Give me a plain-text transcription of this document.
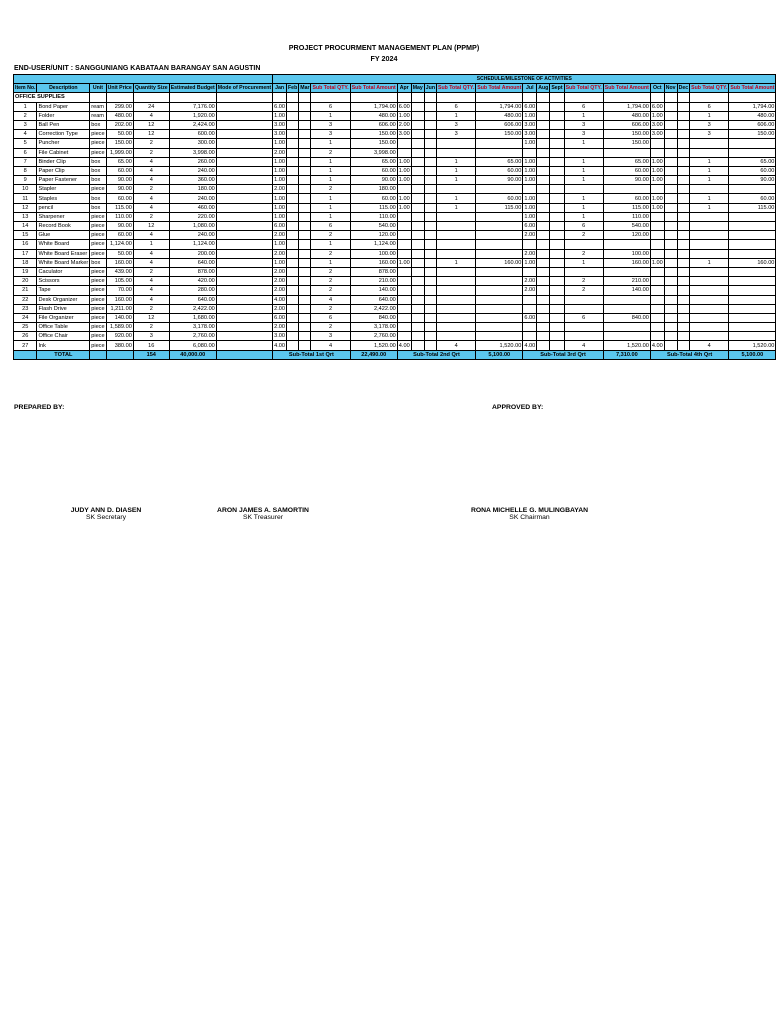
PROJECT PROCURMENT MANAGEMENT PLAN (PPMP)
FY 2024
END-USER/UNIT : SANGGUNIANG KABATAAN BARANGAY SAN AGUSTIN
							SCHEDULE/MILESTONE OF ACTIVITIES																			
Item No.	Description	Unit	Unit Price	Quantity Size	Estimated Budget	Mode of Procurement	Jan	Feb	Mar	Sub Total QTY.	Sub Total Amount	Apr	May	Jun	Sub Total QTY.	Sub Total Amount	Jul	Aug	Sept	Sub Total QTY.	Sub Total Amount	Oct	Nov	Dec	Sub Total QTY.	Sub Total Amount
OFFICE SUPPLIES																										
1	Bond Paper	ream	299.00	24	7,176.00		6.00			6	1,794.00	6.00			6	1,794.00	6.00			6	1,794.00	6.00			6	1,794.00
2	Folder	ream	480.00	4	1,920.00		1.00			1	480.00	1.00			1	480.00	1.00			1	480.00	1.00			1	480.00
3	Ball Pen	box	202.00	12	2,424.00		3.00			3	606.00	2.00			3	606.00	3.00			3	606.00	3.00			3	606.00
4	Correction Type	piece	50.00	12	600.00		3.00			3	150.00	3.00			3	150.00	3.00			3	150.00	3.00			3	150.00
5	Puncher	piece	150.00	2	300.00		1.00			1	150.00						1.00			1	150.00					
6	File Cabinet	piece	1,999.00	2	3,998.00		2.00			2	3,998.00															
7	Binder Clip	box	65.00	4	260.00		1.00			1	65.00	1.00			1	65.00	1.00			1	65.00	1.00			1	65.00
8	Paper Clip	box	60.00	4	240.00		1.00			1	60.00	1.00			1	60.00	1.00			1	60.00	1.00			1	60.00
9	Paper Fastener	box	90.00	4	360.00		1.00			1	90.00	1.00			1	90.00	1.00			1	90.00	1.00			1	90.00
10	Stapler	piece	90.00	2	180.00		2.00			2	180.00															
11	Staples	box	60.00	4	240.00		1.00			1	60.00	1.00			1	60.00	1.00			1	60.00	1.00			1	60.00
12	pencil	box	115.00	4	460.00		1.00			1	115.00	1.00			1	115.00	1.00			1	115.00	1.00			1	115.00
13	Sharpener	piece	110.00	2	220.00		1.00			1	110.00						1.00			1	110.00					
14	Record Book	piece	90.00	12	1,080.00		6.00			6	540.00						6.00			6	540.00					
15	Glue	piece	60.00	4	240.00		2.00			2	120.00						2.00			2	120.00					
16	White Board	piece	1,124.00	1	1,124.00		1.00			1	1,124.00															
17	White Board Eraser	piece	50.00	4	200.00		2.00			2	100.00						2.00			2	100.00					
18	White Board Marker	box	160.00	4	640.00		1.00			1	160.00	1.00			1	160.00	1.00			1	160.00	1.00			1	160.00
19	Caculator	piece	439.00	2	878.00		2.00			2	878.00															
20	Scissors	piece	105.00	4	420.00		2.00			2	210.00						2.00			2	210.00					
21	Tape	piece	70.00	4	280.00		2.00			2	140.00						2.00			2	140.00					
22	Desk Organizer	piece	160.00	4	640.00		4.00			4	640.00															
23	Flash Drive	piece	1,211.00	2	2,422.00		2.00			2	2,422.00															
24	File Organizer	piece	140.00	12	1,680.00		6.00			6	840.00						6.00			6	840.00					
25	Office Table	piece	1,589.00	2	3,178.00		2.00			2	3,178.00															
26	Office Chair	piece	920.00	3	2,760.00		3.00			3	2,760.00															
27	Ink	piece	380.00	16	6,080.00		4.00			4	1,520.00	4.00			4	1,520.00	4.00			4	1,520.00	4.00			4	1,520.00
	TOTAL			154	40,000.00		Sub-Total 1st Qrt				22,490.00	Sub-Total 2nd Qrt				5,100.00	Sub-Total 3rd Qrt				7,310.00	Sub-Total 4th Qrt				5,100.00
PREPARED BY:	APPROVED BY:
JUDY ANN D. DIASEN
SK Secretary
ARON JAMES A. SAMORTIN
SK Treasurer
RONA MICHELLE G. MULINGBAYAN
SK Chairman
